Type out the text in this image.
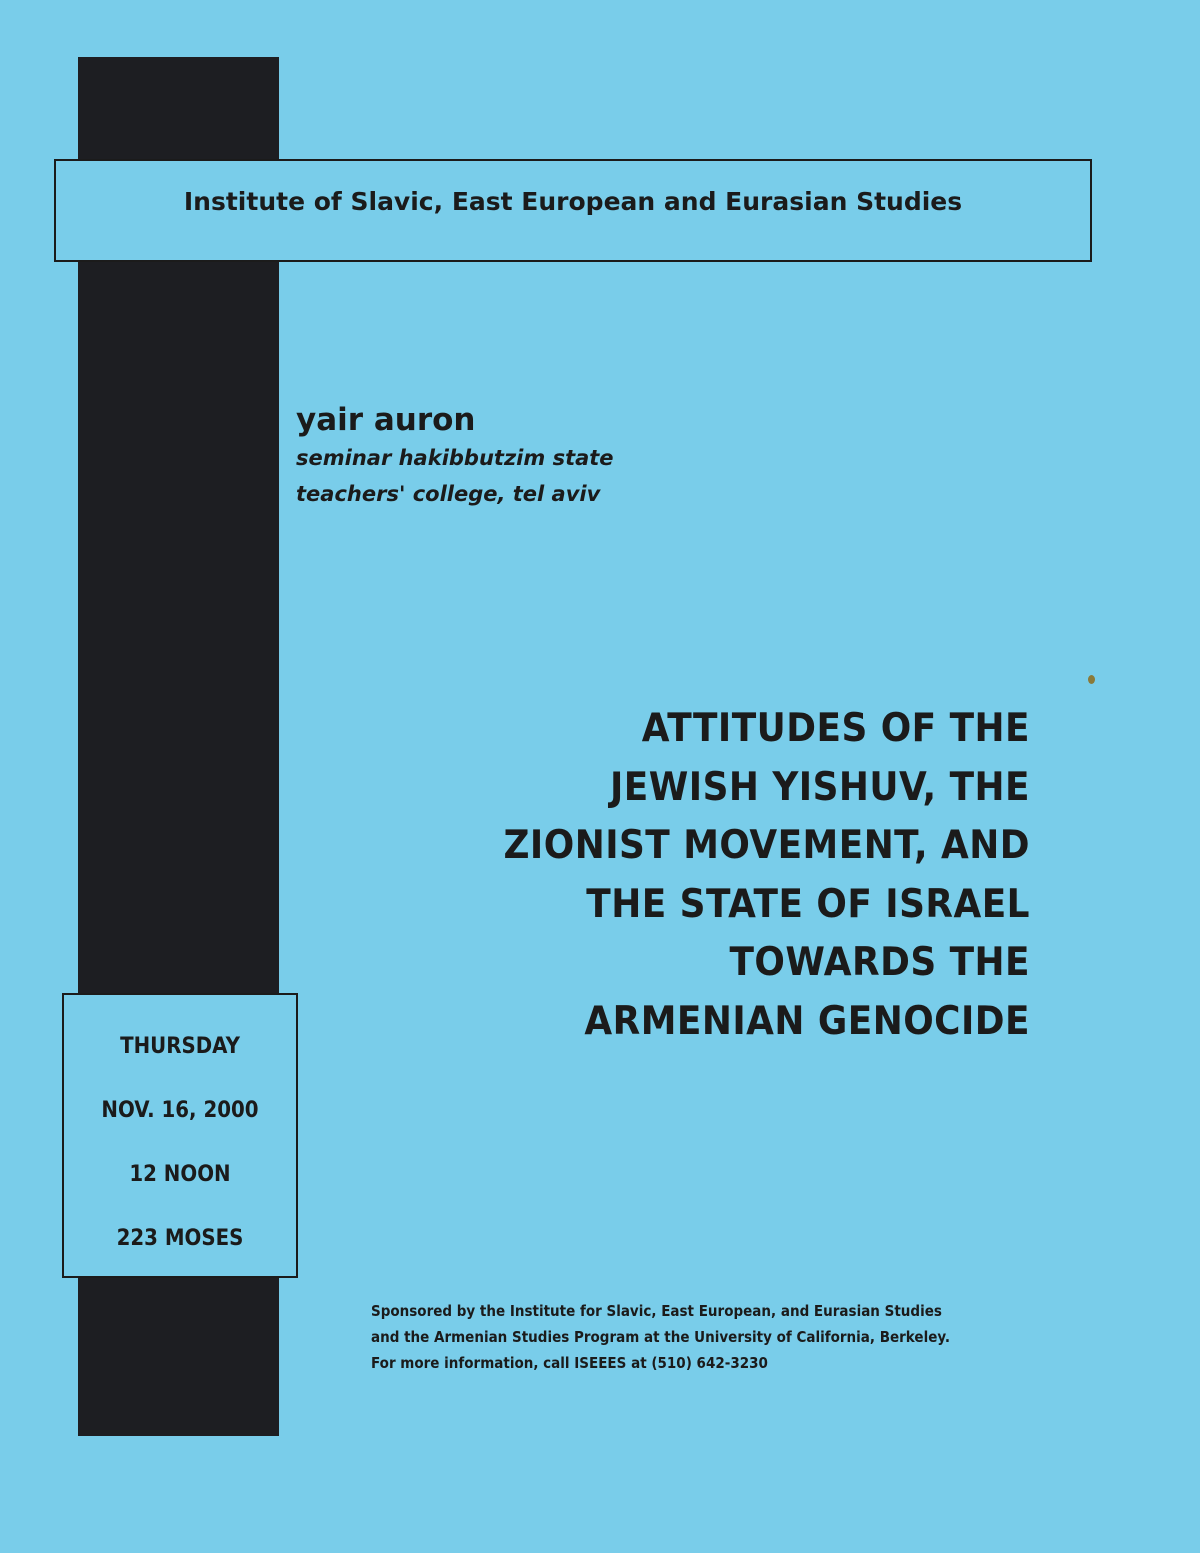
Institute of Slavic, East European and Eurasian Studies
yair auron
seminar hakibbutzim state
teachers' college, tel aviv
ATTITUDES OF THE
JEWISH YISHUV, THE
ZIONIST MOVEMENT, AND
THE STATE OF ISRAEL
TOWARDS THE
ARMENIAN GENOCIDE
THURSDAY
NOV. 16, 2000
12 NOON
223 MOSES
Sponsored by the Institute for Slavic, East European, and Eurasian Studies
and the Armenian Studies Program at the University of California, Berkeley.
For more information, call ISEEES at (510) 642-3230
